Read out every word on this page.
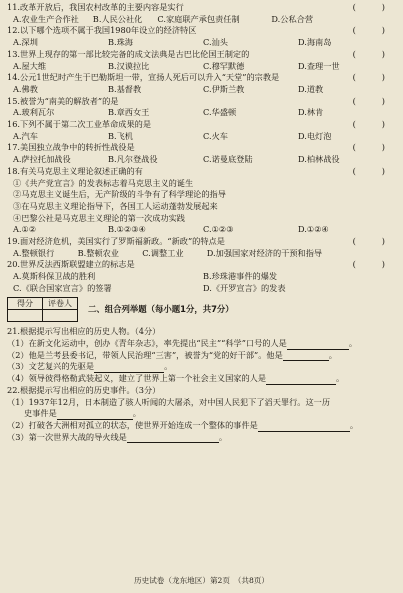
11.改革开放后，我国农村改革的主要内容是实行	(	)
A.农业生产合作社	B.人民公社化	C.家庭联产承包责任制	D.公私合营
12.以下哪个选项不属于我国1980年设立的经济特区	(	)
A.深圳	B.珠海	C.汕头	D.海南岛
13.世界上现存的第一部比较完备的成文法典是古巴比伦国王制定的	(	)
A.屋大维	B.汉谟拉比	C.穆罕默德	D.查理一世
14.公元1世纪时产生于巴勒斯坦一带，宣扬人死后可以升入“天堂”的宗教是	(	)
A.佛教	B.基督教	C.伊斯兰教	D.道教
15.被誉为“南美的解放者”的是	(	)
A.玻利瓦尔	B.章西女王	C.华盛顿	D.林肯
16.下列不属于第二次工业革命成果的是	(	)
A.汽车	B.飞机	C.火车	D.电灯泡
17.美国独立战争中的转折性战役是	(	)
A.萨拉托加战役	B.凡尔登战役	C.诺曼底登陆	D.柏林战役
18.有关马克思主义理论叙述正确的有	(	)
①《共产党宣言》的发表标志着马克思主义的诞生
②马克思主义诞生后，无产阶级的斗争有了科学理论的指导
③在马克思主义理论指导下，各国工人运动蓬勃发展起来
④巴黎公社是马克思主义理论的第一次成功实践
A.①②	B.①②③④	C.①②③	D.①②④
19.面对经济危机，美国实行了罗斯福新政。“新政”的特点是	(	)
A.整顿银行	B.整顿农业	C.调整工业	D.加强国家对经济的干预和指导
20.世界反法西斯联盟建立的标志是	(	)
A.莫斯科保卫战的胜利	B.珍珠港事件的爆发
C.《联合国家宣言》的签署	D.《开罗宣言》的发表
得分	评卷人

二、组合列举题（每小题1分，共7分）
21.根据提示写出相应的历史人物。（4分）
（1）在新文化运动中，创办《青年杂志》，率先提出“民主”“科学”口号的人是	。
（2）他是兰考县委书记，带领人民治理“三害”，被誉为“党的好干部”。他是	。
（3）文艺复兴的先驱是	。
（4）领导彼得格勒武装起义，建立了世界上第一个社会主义国家的人是	。
22.根据提示写出相应的历史事件。（3分）
（1）1937年12月，日本制造了骇人听闻的大屠杀，对中国人民犯下了滔天罪行。这一历
史事件是	。
（2）打破各大洲相对孤立的状态，使世界开始连成一个整体的事件是	。
（3）第一次世界大战的导火线是	。
历史试卷（龙东地区）第2页　（共8页）
